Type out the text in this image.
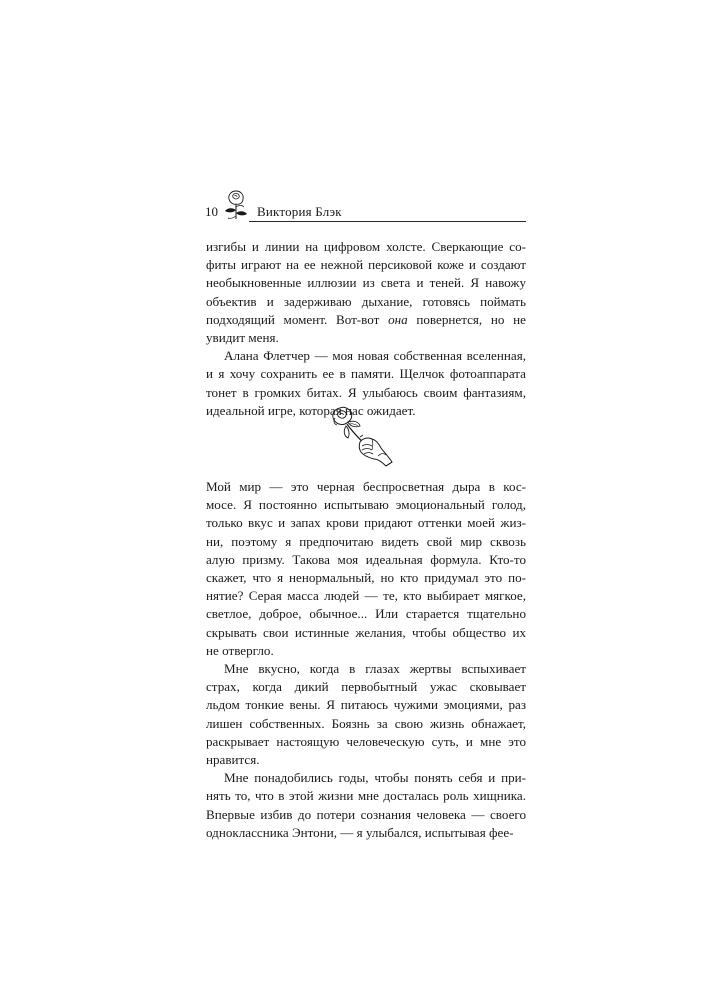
10	Виктория Блэк

изгибы и линии на цифровом холсте. Сверкающие со-
фиты играют на ее нежной персиковой коже и создают
необыкновенные иллюзии из света и теней. Я навожу
объектив и задерживаю дыхание, готовясь поймать
подходящий момент. Вот-вот она повернется, но не
увидит меня.

Алана Флетчер — моя новая собственная вселенная,
и я хочу сохранить ее в памяти. Щелчок фотоаппарата
тонет в громких битах. Я улыбаюсь своим фантазиям,
идеальной игре, которая нас ожидает.

Мой мир — это черная беспросветная дыра в кос-
мосе. Я постоянно испытываю эмоциональный голод,
только вкус и запах крови придают оттенки моей жиз-
ни, поэтому я предпочитаю видеть свой мир сквозь
алую призму. Такова моя идеальная формула. Кто-то
скажет, что я ненормальный, но кто придумал это по-
нятие? Серая масса людей — те, кто выбирает мягкое,
светлое, доброе, обычное... Или старается тщательно
скрывать свои истинные желания, чтобы общество их
не отвергло.

Мне вкусно, когда в глазах жертвы вспыхивает
страх, когда дикий первобытный ужас сковывает
льдом тонкие вены. Я питаюсь чужими эмоциями, раз
лишен собственных. Боязнь за свою жизнь обнажает,
раскрывает настоящую человеческую суть, и мне это
нравится.

Мне понадобились годы, чтобы понять себя и при-
нять то, что в этой жизни мне досталась роль хищника.
Впервые избив до потери сознания человека — своего
одноклассника Энтони, — я улыбался, испытывая фее-
